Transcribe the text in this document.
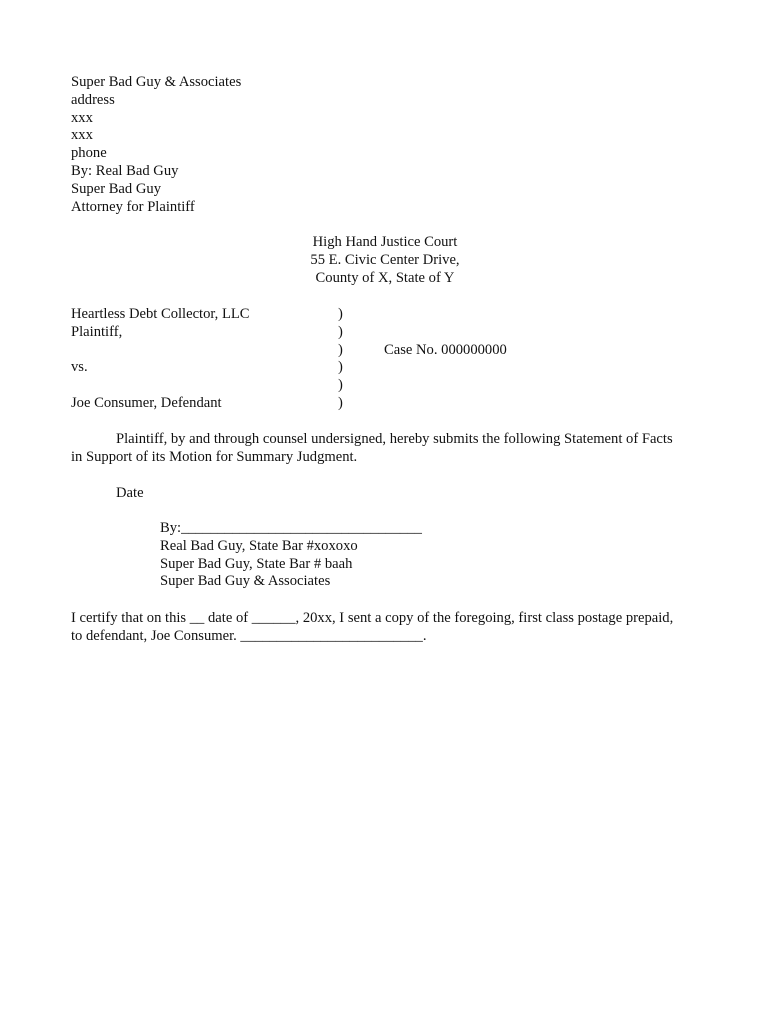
Super Bad Guy & Associates
address
xxx
xxx
phone
By: Real Bad Guy
Super Bad Guy
Attorney for Plaintiff
High Hand Justice Court
55 E. Civic Center Drive,
County of X, State of Y
Heartless Debt Collector, LLC
Plaintiff,
vs.
Joe Consumer, Defendant
)
)
)
)
)
)
Case No. 000000000
Plaintiff, by and through counsel undersigned, hereby submits the following Statement of Facts
in Support of its Motion for Summary Judgment.
Date
By:_________________________________
Real Bad Guy, State Bar #xoxoxo
Super Bad Guy, State Bar # baah
Super Bad Guy & Associates
I certify that on this __ date of ______, 20xx, I sent a copy of the foregoing, first class postage prepaid,
to defendant, Joe Consumer. _________________________.
